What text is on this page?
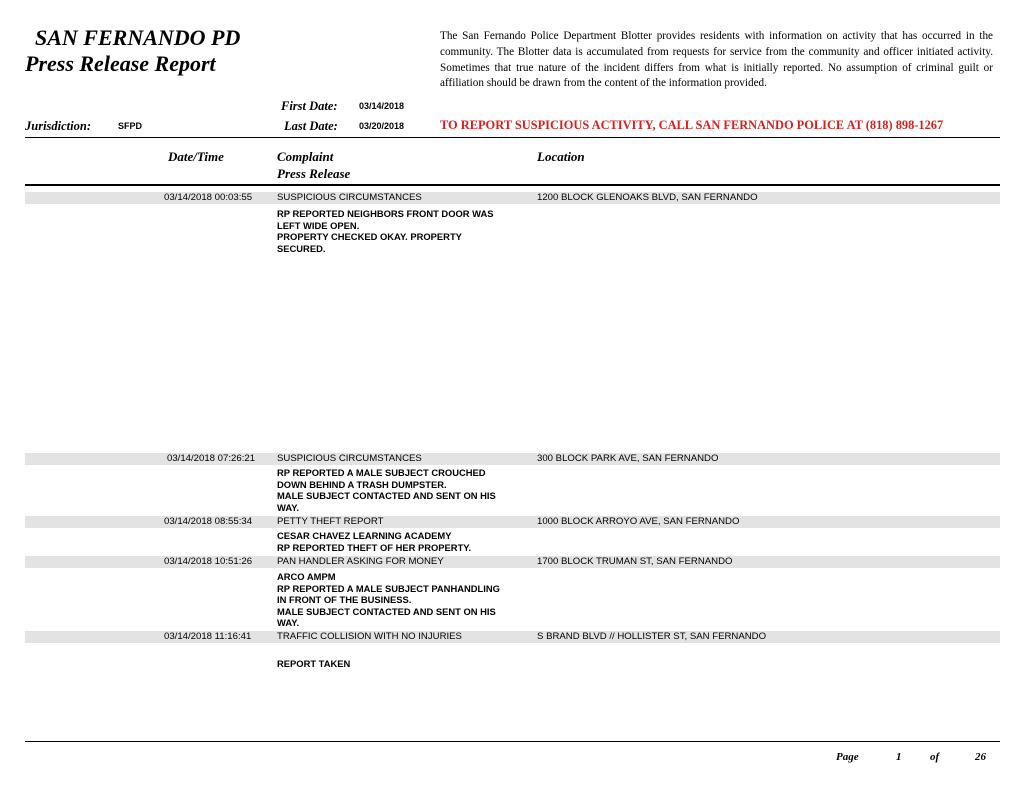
SAN FERNANDO PD
Press Release Report
The San Fernando Police Department Blotter provides residents with information on activity that has occurred in the community. The Blotter data is accumulated from requests for service from the community and officer initiated activity. Sometimes that true nature of the incident differs from what is initially reported. No assumption of criminal guilt or affiliation should be drawn from the content of the information provided.
First Date: 03/14/2018
Jurisdiction:	SFPD	Last Date: 03/20/2018	TO REPORT SUSPICIOUS ACTIVITY, CALL SAN FERNANDO POLICE AT (818) 898-1267
Date/Time	Complaint
Press Release
Location
03/14/2018 00:03:55	SUSPICIOUS CIRCUMSTANCES	1200 BLOCK GLENOAKS BLVD, SAN FERNANDO
RP REPORTED NEIGHBORS FRONT DOOR WAS
LEFT WIDE OPEN.
PROPERTY CHECKED OKAY. PROPERTY
SECURED.
03/14/2018 07:26:21 SUSPICIOUS CIRCUMSTANCES	300 BLOCK PARK AVE, SAN FERNANDO
RP REPORTED A MALE SUBJECT CROUCHED
DOWN BEHIND A TRASH DUMPSTER.
MALE SUBJECT CONTACTED AND SENT ON HIS
WAY.
03/14/2018 08:55:34	PETTY THEFT REPORT	1000 BLOCK ARROYO AVE, SAN FERNANDO
CESAR CHAVEZ LEARNING ACADEMY
RP REPORTED THEFT OF HER PROPERTY.
03/14/2018 10:51:26	PAN HANDLER ASKING FOR MONEY	1700 BLOCK TRUMAN ST, SAN FERNANDO
ARCO AMPM
RP REPORTED A MALE SUBJECT PANHANDLING
IN FRONT OF THE BUSINESS.
MALE SUBJECT CONTACTED AND SENT ON HIS
WAY.
03/14/2018 11:16:41	TRAFFIC COLLISION WITH NO INJURIES	S BRAND BLVD // HOLLISTER ST, SAN FERNANDO
REPORT TAKEN
Page	1	of	26
